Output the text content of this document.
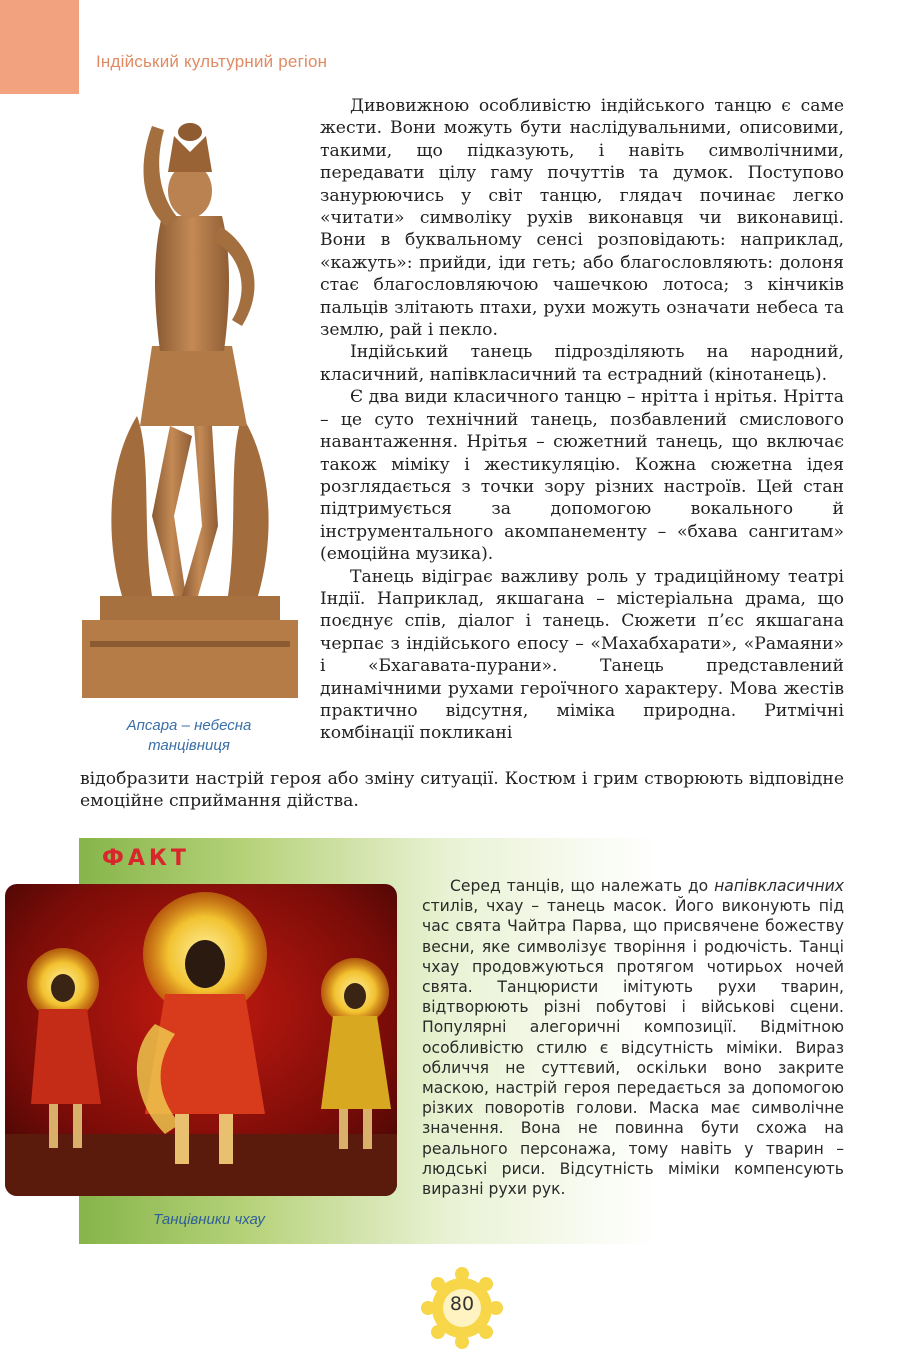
Індійський культурний регіон
Апсара – небесна танцівниця

Дивовижною особливістю індійського танцю є саме жести. Вони можуть бути наслідувальними, описовими, такими, що підказують, і навіть символічними, передавати цілу гаму почуттів та думок. Поступово занурюючись у світ танцю, глядач починає легко «читати» символіку рухів виконавця чи виконавиці. Вони в буквальному сенсі розповідають: наприклад, «кажуть»: прийди, іди геть; або благословляють: долоня стає благословляючою чашечкою лотоса; з кінчиків пальців злітають птахи, рухи можуть означати небеса та землю, рай і пекло.

Індійський танець підрозділяють на народний, класичний, напівкласичний та естрадний (кінотанець).

Є два види класичного танцю – нрітта і нрітья. Нрітта – це суто технічний танець, позбавлений смислового навантаження. Нрітья – сюжетний танець, що включає також міміку і жестикуляцію. Кожна сюжетна ідея розглядається з точки зору різних настроїв. Цей стан підтримується за допомогою вокального й інструментального акомпанементу – «бхава сангитам» (емоційна музика).

Танець відіграє важливу роль у традиційному театрі Індії. Наприклад, якшагана – містеріальна драма, що поєднує спів, діалог і танець. Сюжети п’єс якшагана черпає з індійського епосу – «Махабхарати», «Рамаяни» і «Бхагавата-пурани». Танець представлений динамічними рухами героїчного характеру. Мова жестів практично відсутня, міміка природна. Ритмічні комбінації покликані

відобразити настрій героя або зміну ситуації. Костюм і грим створюють відповідне емоційне сприймання дійства.
ФАКТ
Танцівники чхау

Серед танців, що належать до напівкласичних стилів, чхау – танець масок. Його виконують під час свята Чайтра Парва, що присвячене божеству весни, яке символізує творіння і родючість. Танці чхау продовжуються протягом чотирьох ночей свята. Танцюристи імітують рухи тварин, відтворюють різні побутові і військові сцени. Популярні алегоричні композиції. Відмітною особливістю стилю є відсутність міміки. Вираз обличчя не суттєвий, оскільки воно закрите маскою, настрій героя передається за допомогою різких поворотів голови. Маска має символічне значення. Вона не повинна бути схожа на реального персонажа, тому навіть у тварин – людські риси. Відсутність міміки компенсують виразні рухи рук.

80
